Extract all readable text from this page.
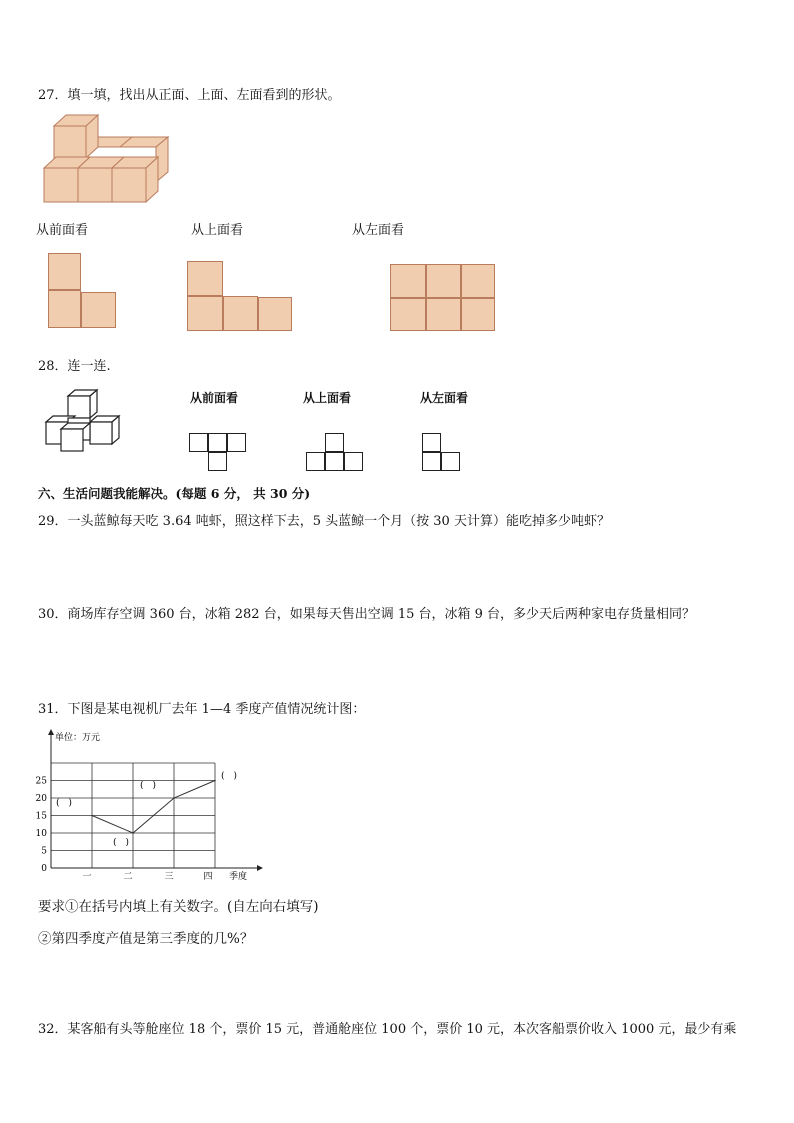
27．填一填，找出从正面、上面、左面看到的形状。
从前面看	从上面看	从左面看
28．连一连.
从前面看	从上面看	从左面看
六、生活问题我能解决。(每题 6 分， 共 30 分)
29．一头蓝鲸每天吃 3.64 吨虾，照这样下去，5 头蓝鲸一个月（按 30 天计算）能吃掉多少吨虾？
30．商场库存空调 360 台，冰箱 282 台，如果每天售出空调 15 台，冰箱 9 台，多少天后两种家电存货量相同？
31．下图是某电视机厂去年 1—4 季度产值情况统计图：
单位：万元
0
5
10
15
20
25
一	二	三	四 季度
(　)
(　)
(　)
(　)
要求①在括号内填上有关数字。(自左向右填写)
②第四季度产值是第三季度的几%？
32．某客船有头等舱座位 18 个，票价 15 元，普通舱座位 100 个，票价 10 元，本次客船票价收入 1000 元，最少有乘
